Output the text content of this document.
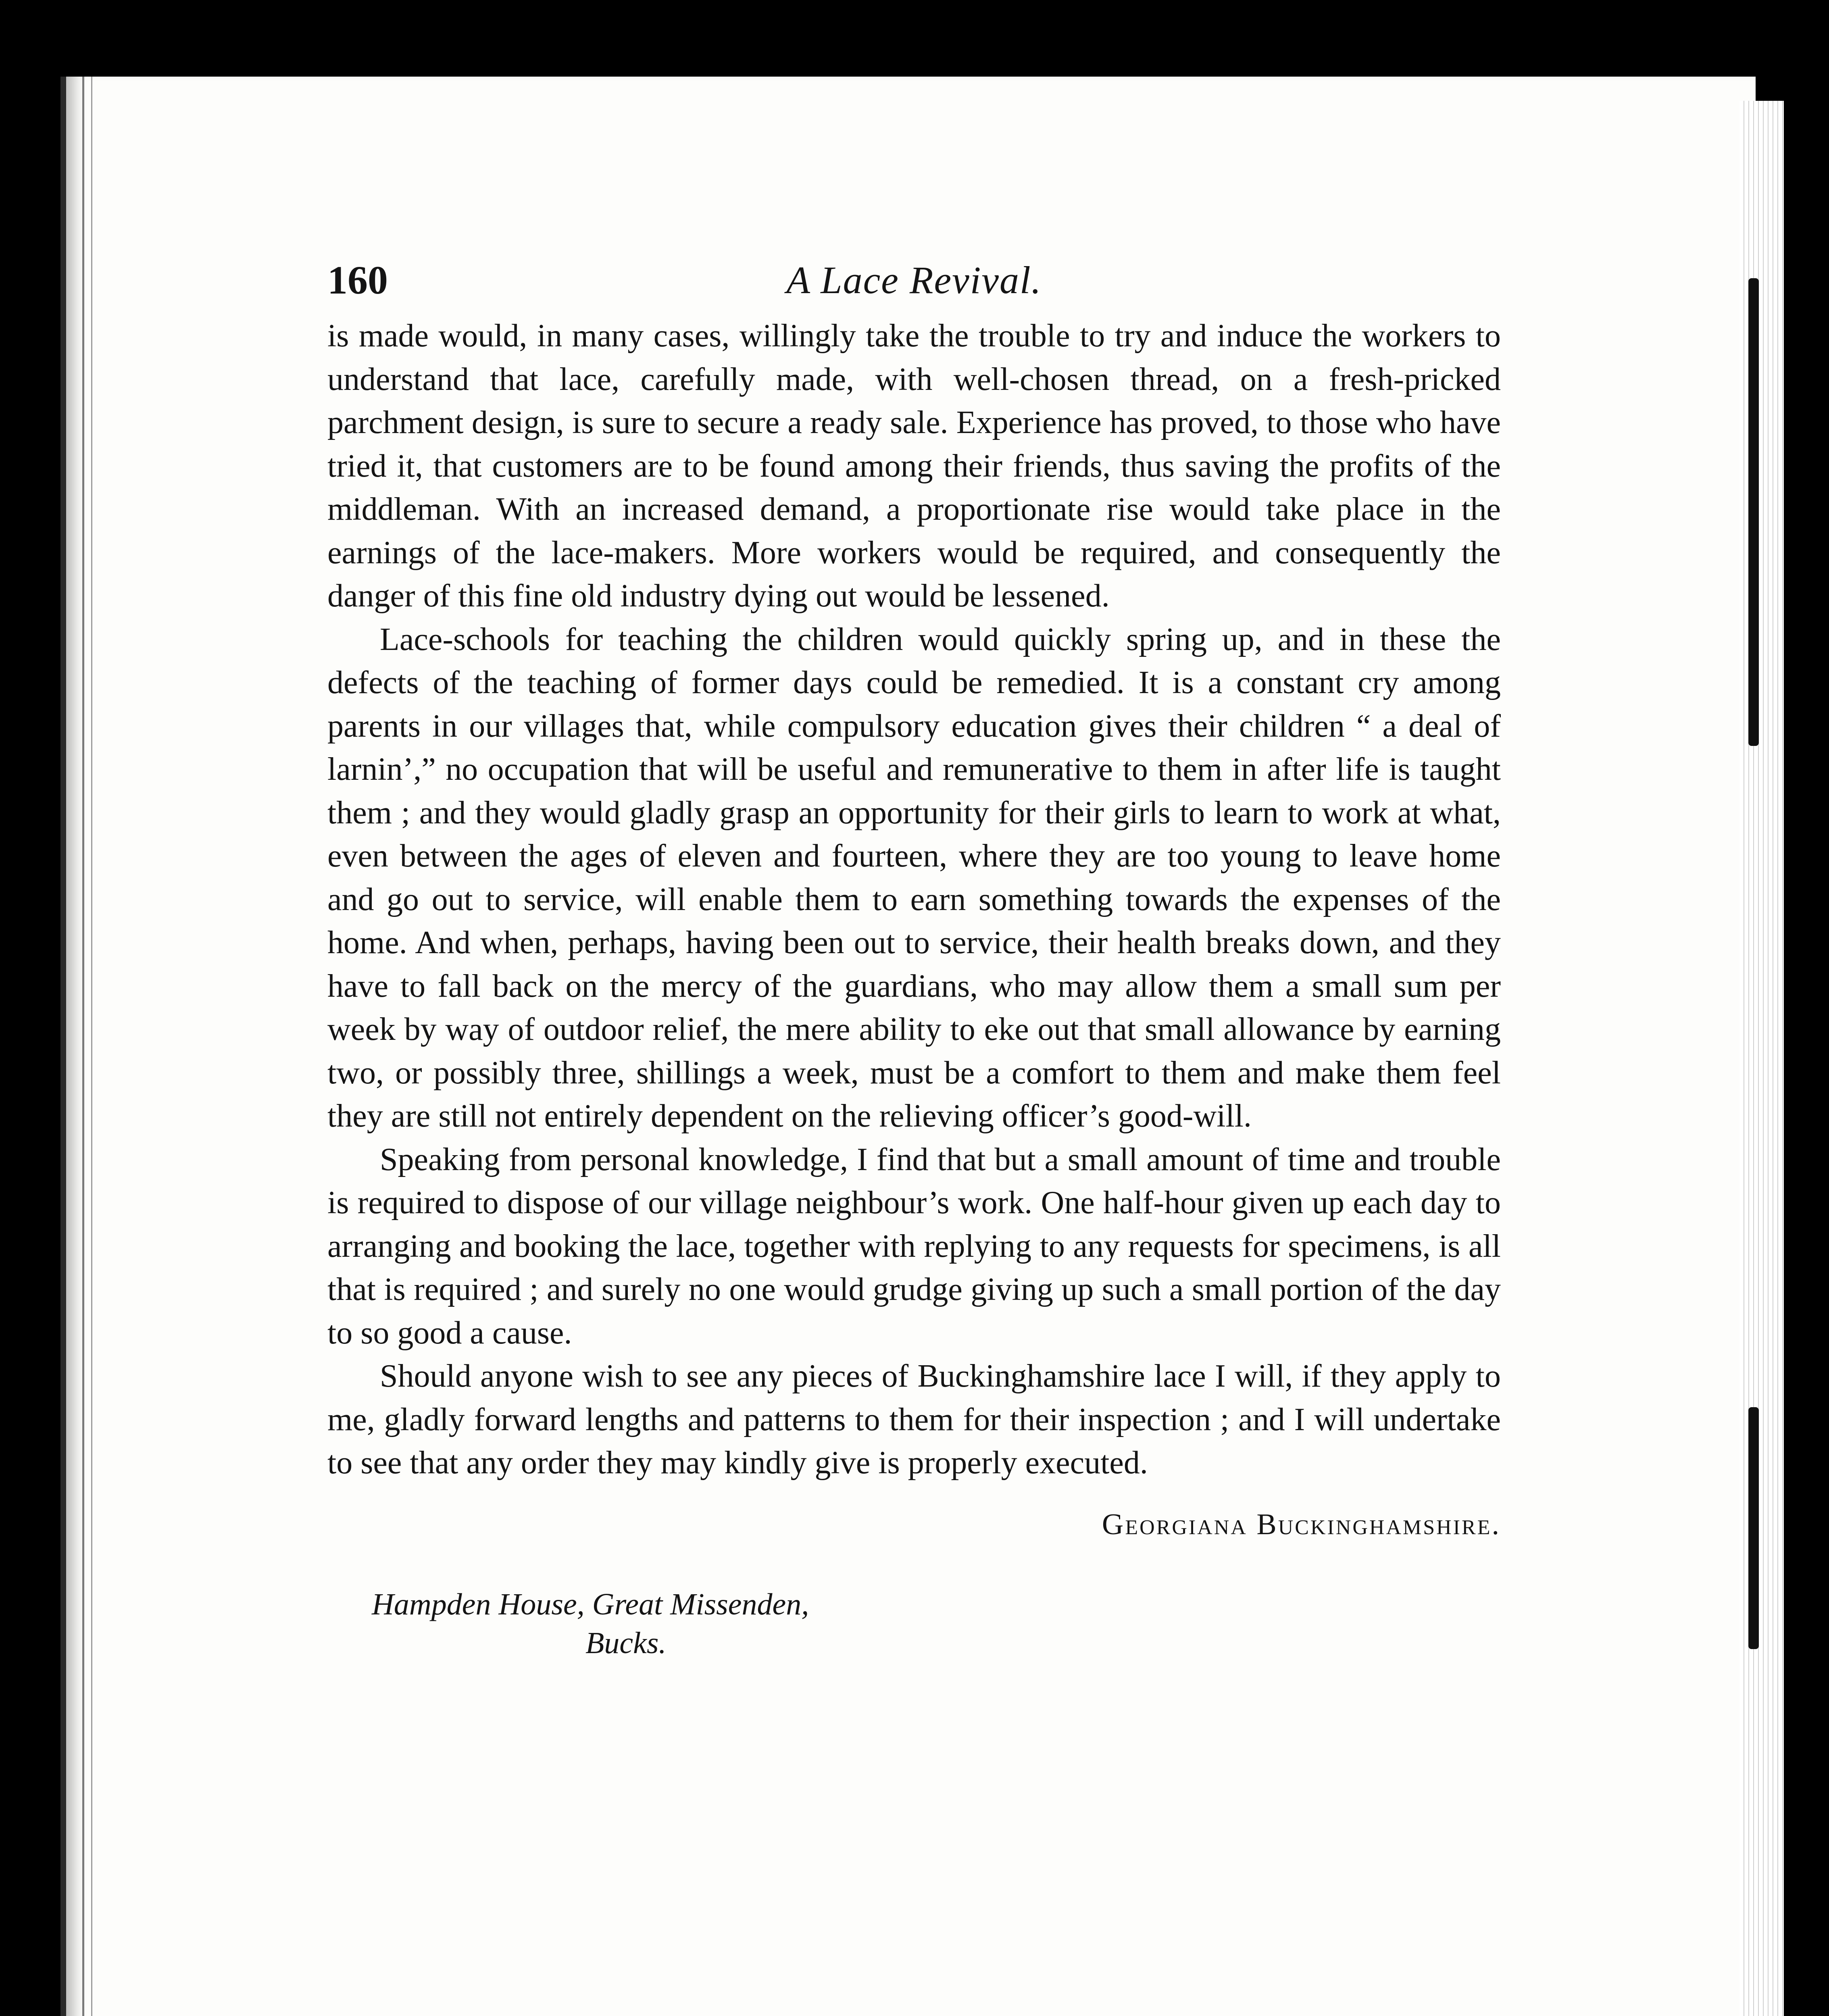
160	A Lace Revival.

is made would, in many cases, willingly take the trouble to try and induce the workers to understand that lace, carefully made, with well-chosen thread, on a fresh-pricked parchment design, is sure to secure a ready sale. Experience has proved, to those who have tried it, that customers are to be found among their friends, thus saving the profits of the middleman. With an increased demand, a proportionate rise would take place in the earnings of the lace-makers. More workers would be required, and consequently the danger of this fine old industry dying out would be lessened.

Lace-schools for teaching the children would quickly spring up, and in these the defects of the teaching of former days could be remedied. It is a constant cry among parents in our villages that, while compulsory education gives their children “ a deal of larnin’,” no occupation that will be useful and remunerative to them in after life is taught them ; and they would gladly grasp an opportunity for their girls to learn to work at what, even between the ages of eleven and fourteen, where they are too young to leave home and go out to service, will enable them to earn something towards the expenses of the home. And when, perhaps, having been out to service, their health breaks down, and they have to fall back on the mercy of the guardians, who may allow them a small sum per week by way of outdoor relief, the mere ability to eke out that small allowance by earning two, or possibly three, shillings a week, must be a comfort to them and make them feel they are still not entirely dependent on the relieving officer’s good-will.

Speaking from personal knowledge, I find that but a small amount of time and trouble is required to dispose of our village neighbour’s work. One half-hour given up each day to arranging and booking the lace, together with replying to any requests for specimens, is all that is required ; and surely no one would grudge giving up such a small portion of the day to so good a cause.

Should anyone wish to see any pieces of Buckinghamshire lace I will, if they apply to me, gladly forward lengths and patterns to them for their inspection ; and I will undertake to see that any order they may kindly give is properly executed.

Georgiana Buckinghamshire.
Hampden House, Great Missenden,
Bucks.
